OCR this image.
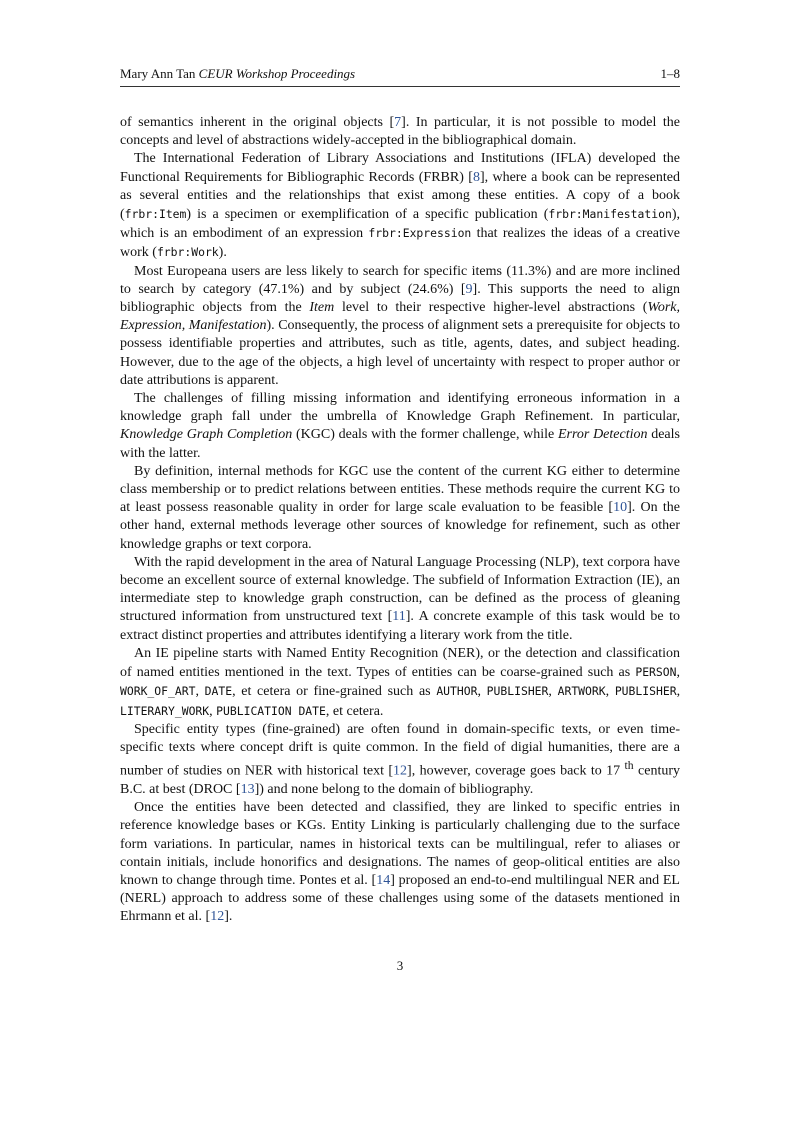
Mary Ann Tan CEUR Workshop Proceedings	1–8

of semantics inherent in the original objects [7]. In particular, it is not possible to model the concepts and level of abstractions widely-accepted in the bibliographical domain.

The International Federation of Library Associations and Institutions (IFLA) developed the Functional Requirements for Bibliographic Records (FRBR) [8], where a book can be represented as several entities and the relationships that exist among these entities. A copy of a book (frbr:Item) is a specimen or exemplification of a specific publication (frbr:Manifestation), which is an embodiment of an expression frbr:Expression that realizes the ideas of a creative work (frbr:Work).

Most Europeana users are less likely to search for specific items (11.3%) and are more inclined to search by category (47.1%) and by subject (24.6%) [9]. This supports the need to align bibliographic objects from the Item level to their respective higher-level abstractions (Work, Expression, Manifestation). Consequently, the process of alignment sets a prerequisite for objects to possess identifiable properties and attributes, such as title, agents, dates, and subject heading. However, due to the age of the objects, a high level of uncertainty with respect to proper author or date attributions is apparent.

The challenges of filling missing information and identifying erroneous information in a knowledge graph fall under the umbrella of Knowledge Graph Refinement. In particular, Knowledge Graph Completion (KGC) deals with the former challenge, while Error Detection deals with the latter.

By definition, internal methods for KGC use the content of the current KG either to determine class membership or to predict relations between entities. These methods require the current KG to at least possess reasonable quality in order for large scale evaluation to be feasible [10]. On the other hand, external methods leverage other sources of knowledge for refinement, such as other knowledge graphs or text corpora.

With the rapid development in the area of Natural Language Processing (NLP), text corpora have become an excellent source of external knowledge. The subfield of Information Extraction (IE), an intermediate step to knowledge graph construction, can be defined as the process of gleaning structured information from unstructured text [11]. A concrete example of this task would be to extract distinct properties and attributes identifying a literary work from the title.

An IE pipeline starts with Named Entity Recognition (NER), or the detection and classification of named entities mentioned in the text. Types of entities can be coarse-grained such as PERSON, WORK_OF_ART, DATE, et cetera or fine-grained such as AUTHOR, PUBLISHER, ARTWORK, PUBLISHER, LITERARY_WORK, PUBLICATION DATE, et cetera.

Specific entity types (fine-grained) are often found in domain-specific texts, or even time-specific texts where concept drift is quite common. In the field of digial humanities, there are a number of studies on NER with historical text [12], however, coverage goes back to 17 $^{th}$ century B.C. at best (DROC [13]) and none belong to the domain of bibliography.

Once the entities have been detected and classified, they are linked to specific entries in reference knowledge bases or KGs. Entity Linking is particularly challenging due to the surface form variations. In particular, names in historical texts can be multilingual, refer to aliases or contain initials, include honorifics and designations. The names of geop-olitical entities are also known to change through time. Pontes et al. [14] proposed an end-to-end multilingual NER and EL (NERL) approach to address some of these challenges using some of the datasets mentioned in Ehrmann et al. [12].

3
